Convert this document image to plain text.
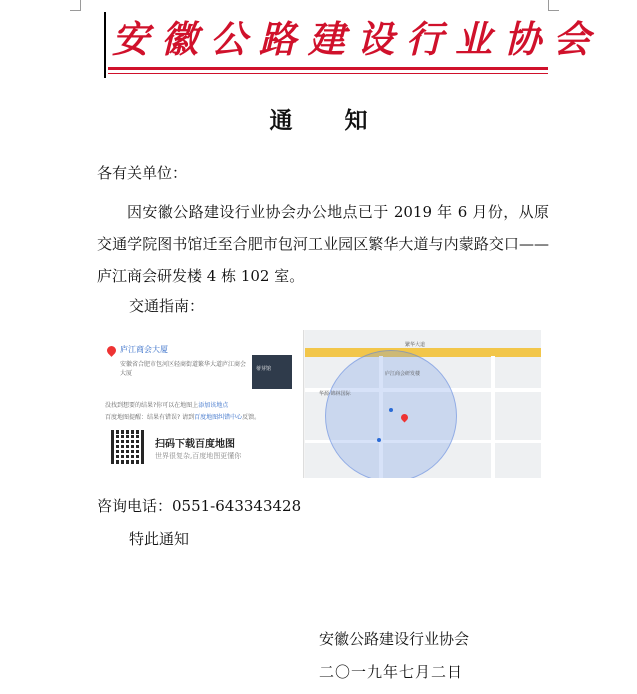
安徽公路建设行业协会
通 知
各有关单位：

因安徽公路建设行业协会办公地点已于 2019 年 6 月份，从原交通学院图书馆迁至合肥市包河工业园区繁华大道与内蒙路交口——庐江商会研发楼 4 栋 102 室。

交通指南：
庐江商会大厦
安徽省合肥市包河区轻商街道繁华大道庐江商会大厦
蒂芽馆
没找到想要的结果?你可以在地图上添加该地点
百度地图提醒：结果有错误? 请到百度地图纠错中心反馈。
扫码下载百度地图
世界很复杂,百度地图更懂你
繁华大道
庐江商会研发楼
华源·锦林国际
咨询电话：0551-643343428
特此通知
安徽公路建设行业协会
二〇一九年七月二日
